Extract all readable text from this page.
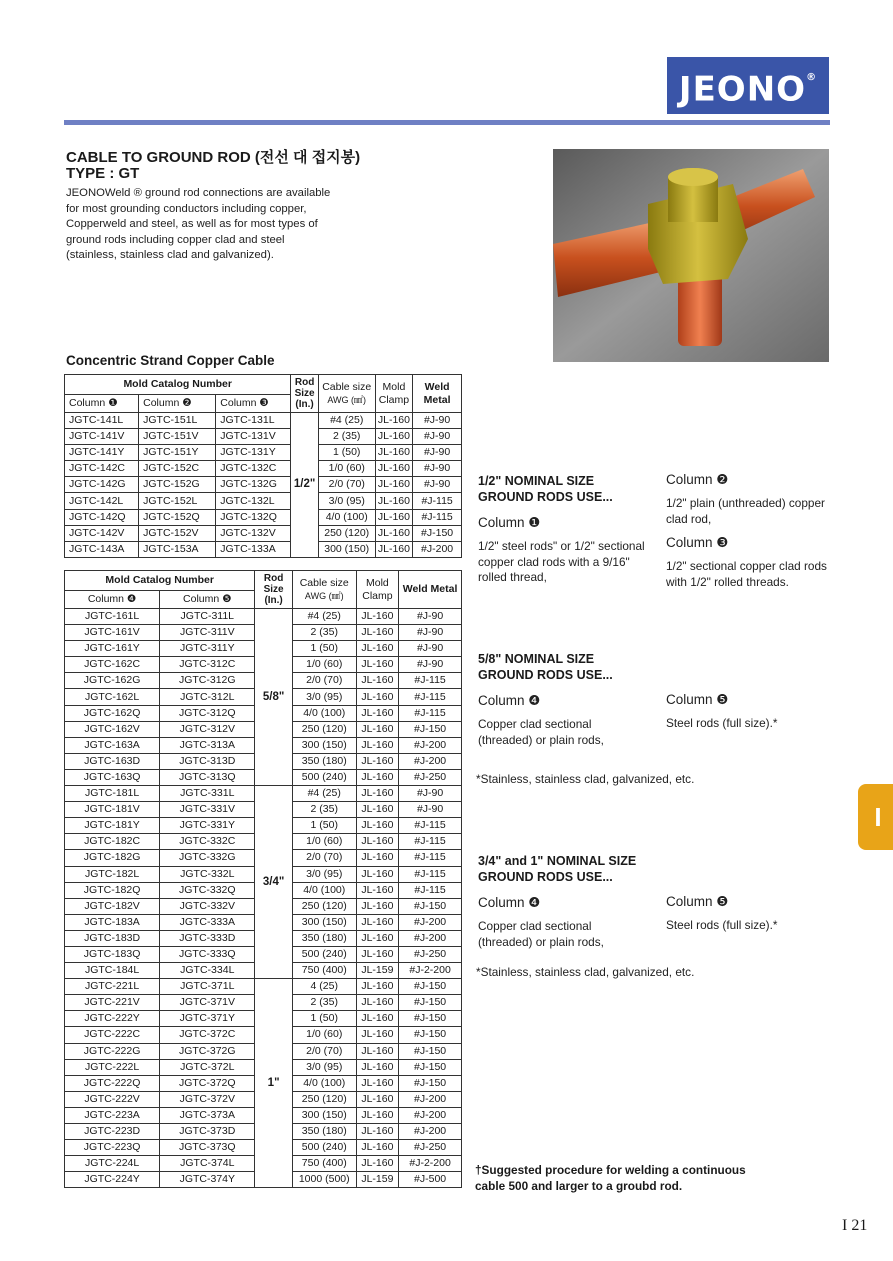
JEONO®
CABLE TO GROUND ROD (전선 대 접지봉)
TYPE : GT
JEONOWeld ® ground rod connections are available for most grounding conductors including copper, Copperweld and steel, as well as for most types of ground rods including copper clad and steel (stainless, stainless clad and galvanized).
Concentric Strand Copper Cable
Mold Catalog Number			Rod Size (In.)	Cable size
AWG (㎟)	Mold Clamp	Weld Metal
Column ❶	Column ❷	Column ❸				
JGTC-141L	JGTC-151L	JGTC-131L	1/2"	#4 (25)	JL-160	#J-90
JGTC-141V	JGTC-151V	JGTC-131V		2 (35)	JL-160	#J-90
JGTC-141Y	JGTC-151Y	JGTC-131Y		1 (50)	JL-160	#J-90
JGTC-142C	JGTC-152C	JGTC-132C		1/0 (60)	JL-160	#J-90
JGTC-142G	JGTC-152G	JGTC-132G		2/0 (70)	JL-160	#J-90
JGTC-142L	JGTC-152L	JGTC-132L		3/0 (95)	JL-160	#J-115
JGTC-142Q	JGTC-152Q	JGTC-132Q		4/0 (100)	JL-160	#J-115
JGTC-142V	JGTC-152V	JGTC-132V		250 (120)	JL-160	#J-150
JGTC-143A	JGTC-153A	JGTC-133A		300 (150)	JL-160	#J-200
Mold Catalog Number		Rod Size (In.)	Cable size
AWG (㎟)	Mold Clamp	Weld Metal
Column ❹	Column ❺				
JGTC-161L	JGTC-311L	5/8"	#4 (25)	JL-160	#J-90
JGTC-161V	JGTC-311V		2 (35)	JL-160	#J-90
JGTC-161Y	JGTC-311Y		1 (50)	JL-160	#J-90
JGTC-162C	JGTC-312C		1/0 (60)	JL-160	#J-90
JGTC-162G	JGTC-312G		2/0 (70)	JL-160	#J-115
JGTC-162L	JGTC-312L		3/0 (95)	JL-160	#J-115
JGTC-162Q	JGTC-312Q		4/0 (100)	JL-160	#J-115
JGTC-162V	JGTC-312V		250 (120)	JL-160	#J-150
JGTC-163A	JGTC-313A		300 (150)	JL-160	#J-200
JGTC-163D	JGTC-313D		350 (180)	JL-160	#J-200
JGTC-163Q	JGTC-313Q		500 (240)	JL-160	#J-250
JGTC-181L	JGTC-331L	3/4"	#4 (25)	JL-160	#J-90
JGTC-181V	JGTC-331V		2 (35)	JL-160	#J-90
JGTC-181Y	JGTC-331Y		1 (50)	JL-160	#J-115
JGTC-182C	JGTC-332C		1/0 (60)	JL-160	#J-115
JGTC-182G	JGTC-332G		2/0 (70)	JL-160	#J-115
JGTC-182L	JGTC-332L		3/0 (95)	JL-160	#J-115
JGTC-182Q	JGTC-332Q		4/0 (100)	JL-160	#J-115
JGTC-182V	JGTC-332V		250 (120)	JL-160	#J-150
JGTC-183A	JGTC-333A		300 (150)	JL-160	#J-200
JGTC-183D	JGTC-333D		350 (180)	JL-160	#J-200
JGTC-183Q	JGTC-333Q		500 (240)	JL-160	#J-250
JGTC-184L	JGTC-334L		750 (400)	JL-159	#J-2-200
JGTC-221L	JGTC-371L	1"	4 (25)	JL-160	#J-150
JGTC-221V	JGTC-371V		2 (35)	JL-160	#J-150
JGTC-222Y	JGTC-371Y		1 (50)	JL-160	#J-150
JGTC-222C	JGTC-372C		1/0 (60)	JL-160	#J-150
JGTC-222G	JGTC-372G		2/0 (70)	JL-160	#J-150
JGTC-222L	JGTC-372L		3/0 (95)	JL-160	#J-150
JGTC-222Q	JGTC-372Q		4/0 (100)	JL-160	#J-150
JGTC-222V	JGTC-372V		250 (120)	JL-160	#J-200
JGTC-223A	JGTC-373A		300 (150)	JL-160	#J-200
JGTC-223D	JGTC-373D		350 (180)	JL-160	#J-200
JGTC-223Q	JGTC-373Q		500 (240)	JL-160	#J-250
JGTC-224L	JGTC-374L		750 (400)	JL-160	#J-2-200
JGTC-224Y	JGTC-374Y		1000 (500)	JL-159	#J-500
1/2" NOMINAL SIZE GROUND RODS USE...
Column ❶
1/2" steel rods" or 1/2" sectional copper clad rods with a 9/16" rolled thread,
Column ❷
1/2" plain (unthreaded) copper clad rod,
Column ❸
1/2" sectional copper clad rods with 1/2" rolled threads.
5/8" NOMINAL SIZE GROUND RODS USE...
Column ❹
Copper clad sectional (threaded) or plain rods,
Column ❺
Steel rods (full size).*
*Stainless, stainless clad, galvanized, etc.
3/4" and 1" NOMINAL SIZE GROUND RODS USE...
Column ❹
Copper clad sectional (threaded) or plain rods,
Column ❺
Steel rods (full size).*
*Stainless, stainless clad, galvanized, etc.
I
†Suggested procedure for welding a continuous cable 500 and larger to a groubd rod.
I 21
